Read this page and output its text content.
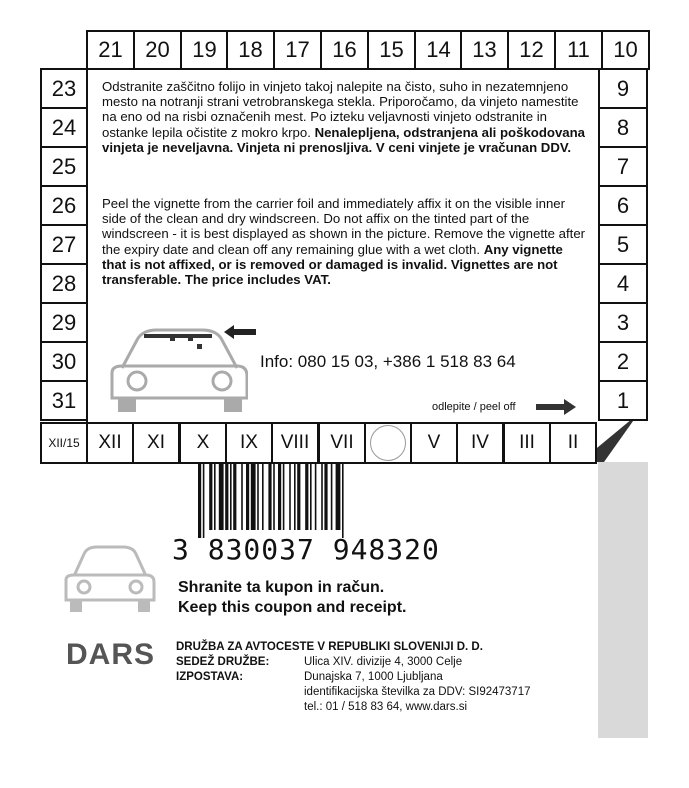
Odstranite zaščitno folijo in vinjeto takoj nalepite na čisto, suho in nezatemnjeno mesto na notranji strani vetrobranskega stekla. Priporočamo, da vinjeto namestite na eno od na risbi označenih mest. Po izteku veljavnosti vinjeto odstranite in ostanke lepila očistite z mokro krpo. Nenalepljena, odstranjena ali poškodovana vinjeta je neveljavna. Vinjeta ni prenosljiva. V ceni vinjete je vračunan DDV.
Peel the vignette from the carrier foil and immediately affix it on the visible inner side of the clean and dry windscreen. Do not affix on the tinted part of the windscreen - it is best displayed as shown in the picture. Remove the vignette after the expiry date and clean off any remaining glue with a wet cloth. Any vignette that is not affixed, or is removed or damaged is invalid. Vignettes are not transferable. The price includes VAT.
Info: 080 15 03, +386 1 518 83 64
odlepite / peel off
3 830037 948320
Shranite ta kupon in račun.
Keep this coupon and receipt.
DARS DRUŽBA ZA AVTOCESTE V REPUBLIKI SLOVENIJI D. D.
SEDEŽ DRUŽBE:	Ulica XIV. divizije 4, 3000 Celje
IZPOSTAVA:	Dunajska 7, 1000 Ljubljana
identifikacijska številka za DDV: SI92473717
tel.: 01 / 518 83 64, www.dars.si
21	20	19 18	17	16	15	14 13	12	11	10
23
24
25
26
27
28
29
30
31
9
8
7
6
5
4
3
2
1
XII/15 XII	XI	X	IX	VIII	VII	V	IV	III	II
